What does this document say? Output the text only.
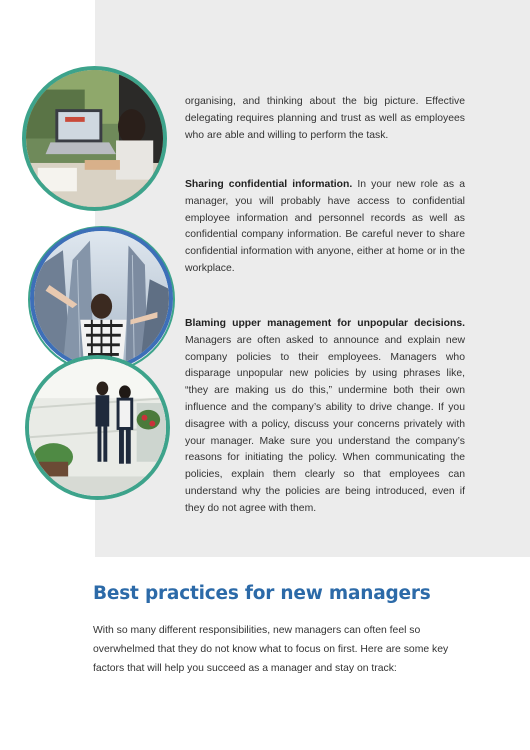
organising, and thinking about the big picture. Effective delegating requires planning and trust as well as employees who are able and willing to perform the task.

Sharing confidential information. In your new role as a manager, you will probably have access to confidential employee information and personnel records as well as confidential company information. Be careful never to share confidential information with anyone, either at home or in the workplace.

Blaming upper management for unpopular decisions. Managers are often asked to announce and explain new company policies to their employees. Managers who disparage unpopular new policies by using phrases like, “they are making us do this,” undermine both their own influence and the company’s ability to drive change. If you disagree with a policy, discuss your concerns privately with your manager. Make sure you understand the company’s reasons for initiating the policy. When communicating the policies, explain them clearly so that employees can understand why the policies are being introduced, even if they do not agree with them.

Best practices for new managers

With so many different responsibilities, new managers can often feel so overwhelmed that they do not know what to focus on first. Here are some key factors that will help you succeed as a manager and stay on track:
